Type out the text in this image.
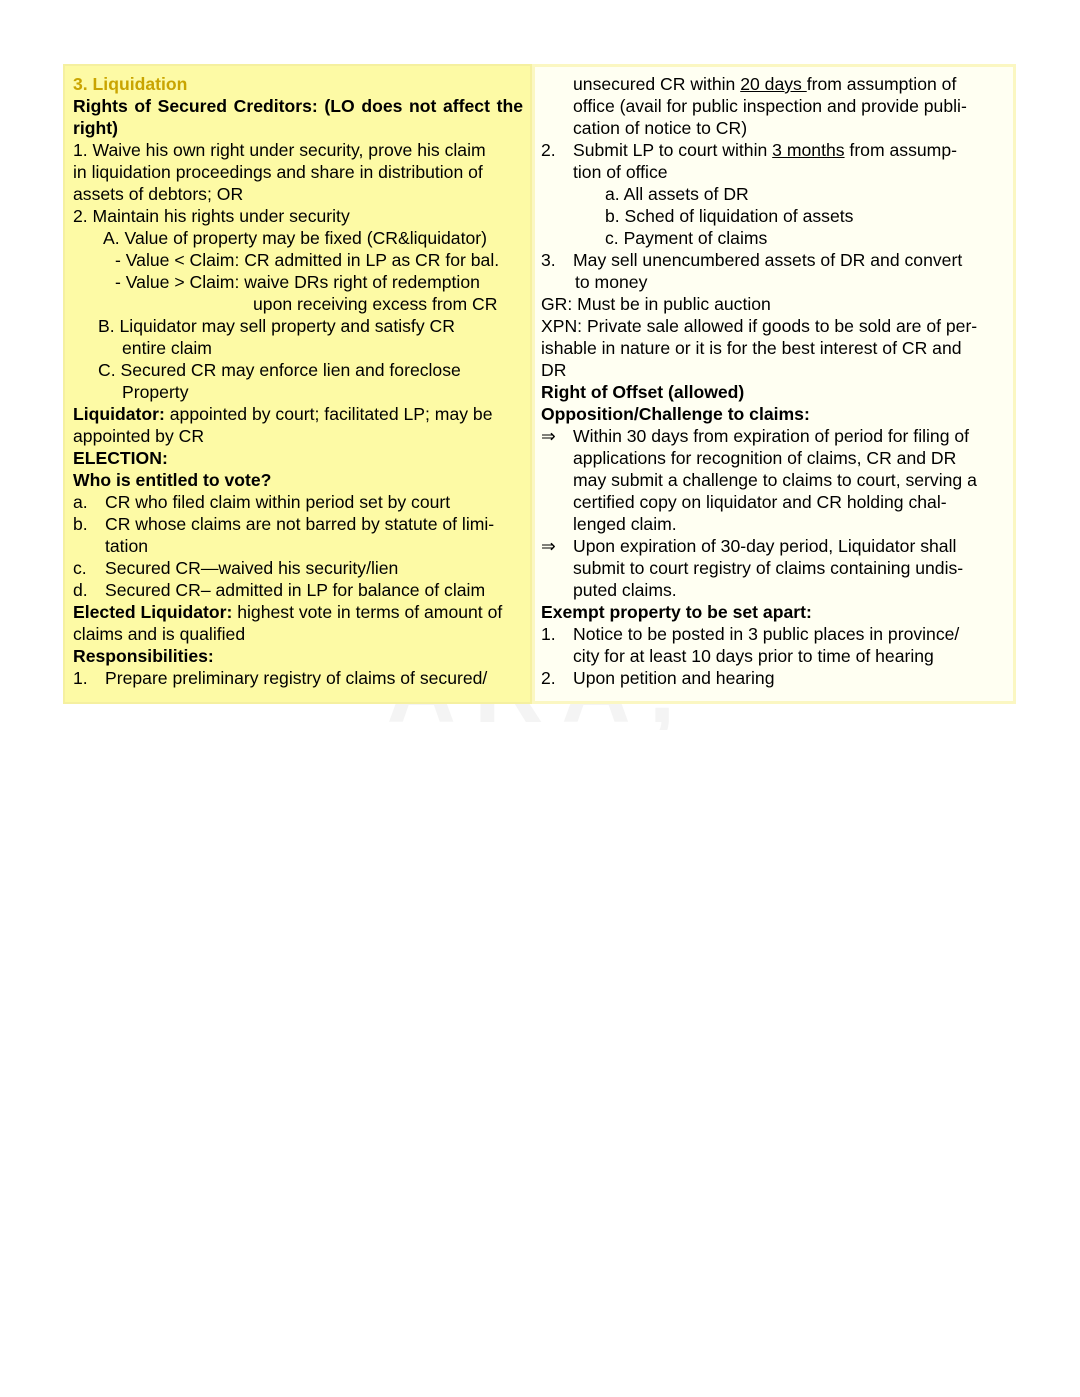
3. Liquidation
Rights of Secured Creditors: (LO does not affect the
right)
1. Waive his own right under security, prove his claim
in liquidation proceedings and share in distribution of
assets of debtors; OR
2. Maintain his rights under security
A. Value of property may be fixed (CR&liquidator)
- Value < Claim: CR admitted in LP as CR for bal.
- Value > Claim: waive DRs right of redemption
upon receiving excess from CR
B. Liquidator may sell property and satisfy CR
entire claim
C. Secured CR may enforce lien and foreclose
Property
Liquidator: appointed by court; facilitated LP; may be
appointed by CR
ELECTION:
Who is entitled to vote?
a. CR who filed claim within period set by court
b. CR whose claims are not barred by statute of limi-
tation
c. Secured CR—waived his security/lien
d. Secured CR– admitted in LP for balance of claim
Elected Liquidator: highest vote in terms of amount of
claims and is qualified
Responsibilities:
1. Prepare preliminary registry of claims of secured/
unsecured CR within 20 days from assumption of
office (avail for public inspection and provide publi-
cation of notice to CR)
2. Submit LP to court within 3 months from assump-
tion of office
a. All assets of DR
b. Sched of liquidation of assets
c. Payment of claims
3. May sell unencumbered assets of DR and convert
to money
GR: Must be in public auction
XPN: Private sale allowed if goods to be sold are of per-
ishable in nature or it is for the best interest of CR and
DR
Right of Offset (allowed)
Opposition/Challenge to claims:
⇒ Within 30 days from expiration of period for filing of
applications for recognition of claims, CR and DR
may submit a challenge to claims to court, serving a
certified copy on liquidator and CR holding chal-
lenged claim.
⇒ Upon expiration of 30-day period, Liquidator shall
submit to court registry of claims containing undis-
puted claims.
Exempt property to be set apart:
1. Notice to be posted in 3 public places in province/
city for at least 10 days prior to time of hearing
2. Upon petition and hearing
